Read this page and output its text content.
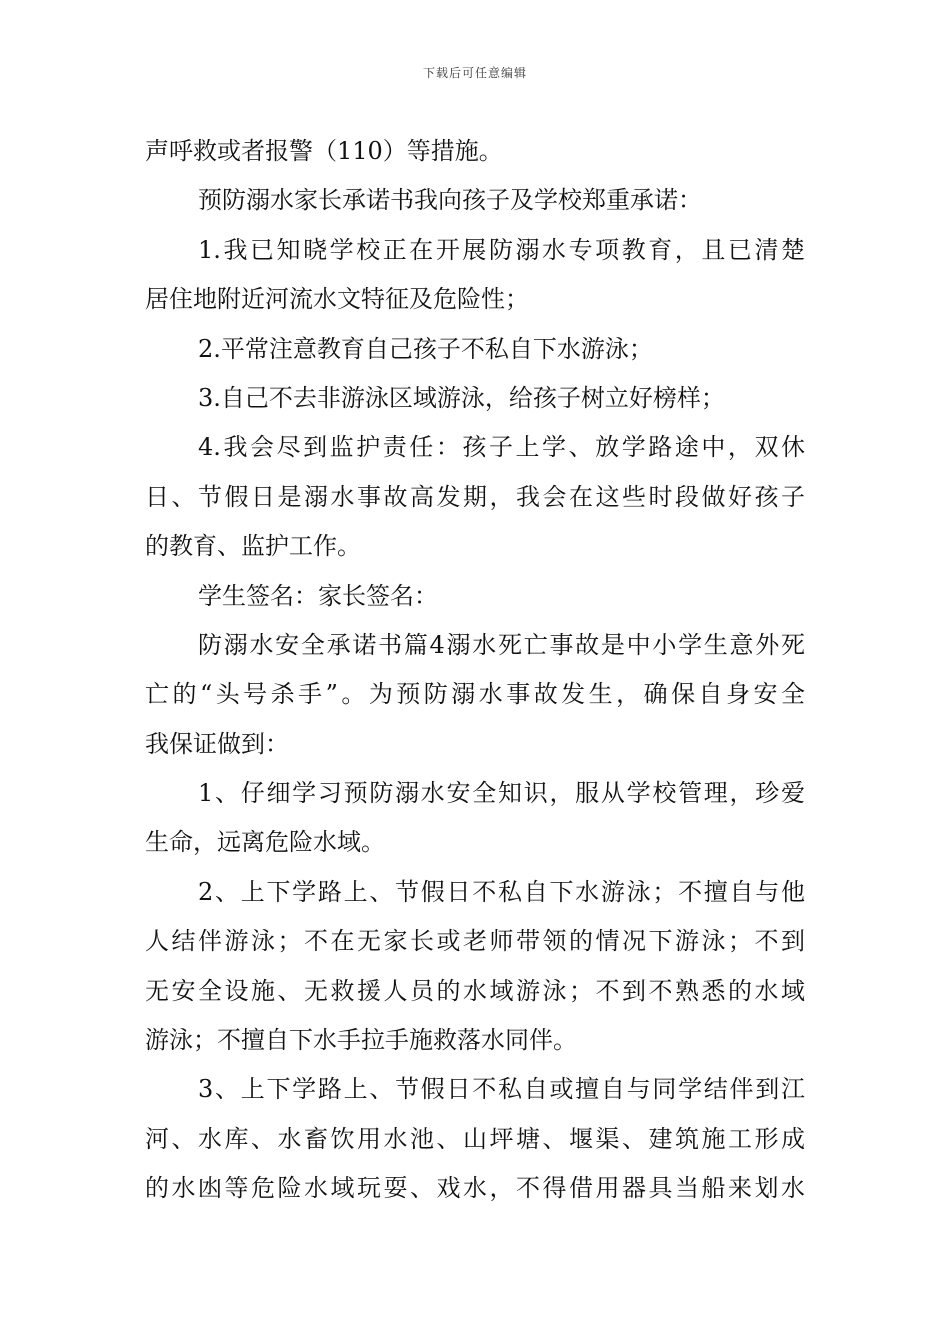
下载后可任意编辑
声呼救或者报警（110）等措施。
预防溺水家长承诺书我向孩子及学校郑重承诺：
1.我已知晓学校正在开展防溺水专项教育，且已清楚
居住地附近河流水文特征及危险性；
2.平常注意教育自己孩子不私自下水游泳；
3.自己不去非游泳区域游泳，给孩子树立好榜样；
4.我会尽到监护责任：孩子上学、放学路途中，双休
日、节假日是溺水事故高发期，我会在这些时段做好孩子
的教育、监护工作。
学生签名：家长签名：
防溺水安全承诺书篇4溺水死亡事故是中小学生意外死
亡的“头号杀手”。为预防溺水事故发生，确保自身安全
我保证做到：
1、仔细学习预防溺水安全知识，服从学校管理，珍爱
生命，远离危险水域。
2、上下学路上、节假日不私自下水游泳；不擅自与他
人结伴游泳；不在无家长或老师带领的情况下游泳；不到
无安全设施、无救援人员的水域游泳；不到不熟悉的水域
游泳；不擅自下水手拉手施救落水同伴。
3、上下学路上、节假日不私自或擅自与同学结伴到江
河、水库、水畜饮用水池、山坪塘、堰渠、建筑施工形成
的水凼等危险水域玩耍、戏水，不得借用器具当船来划水
